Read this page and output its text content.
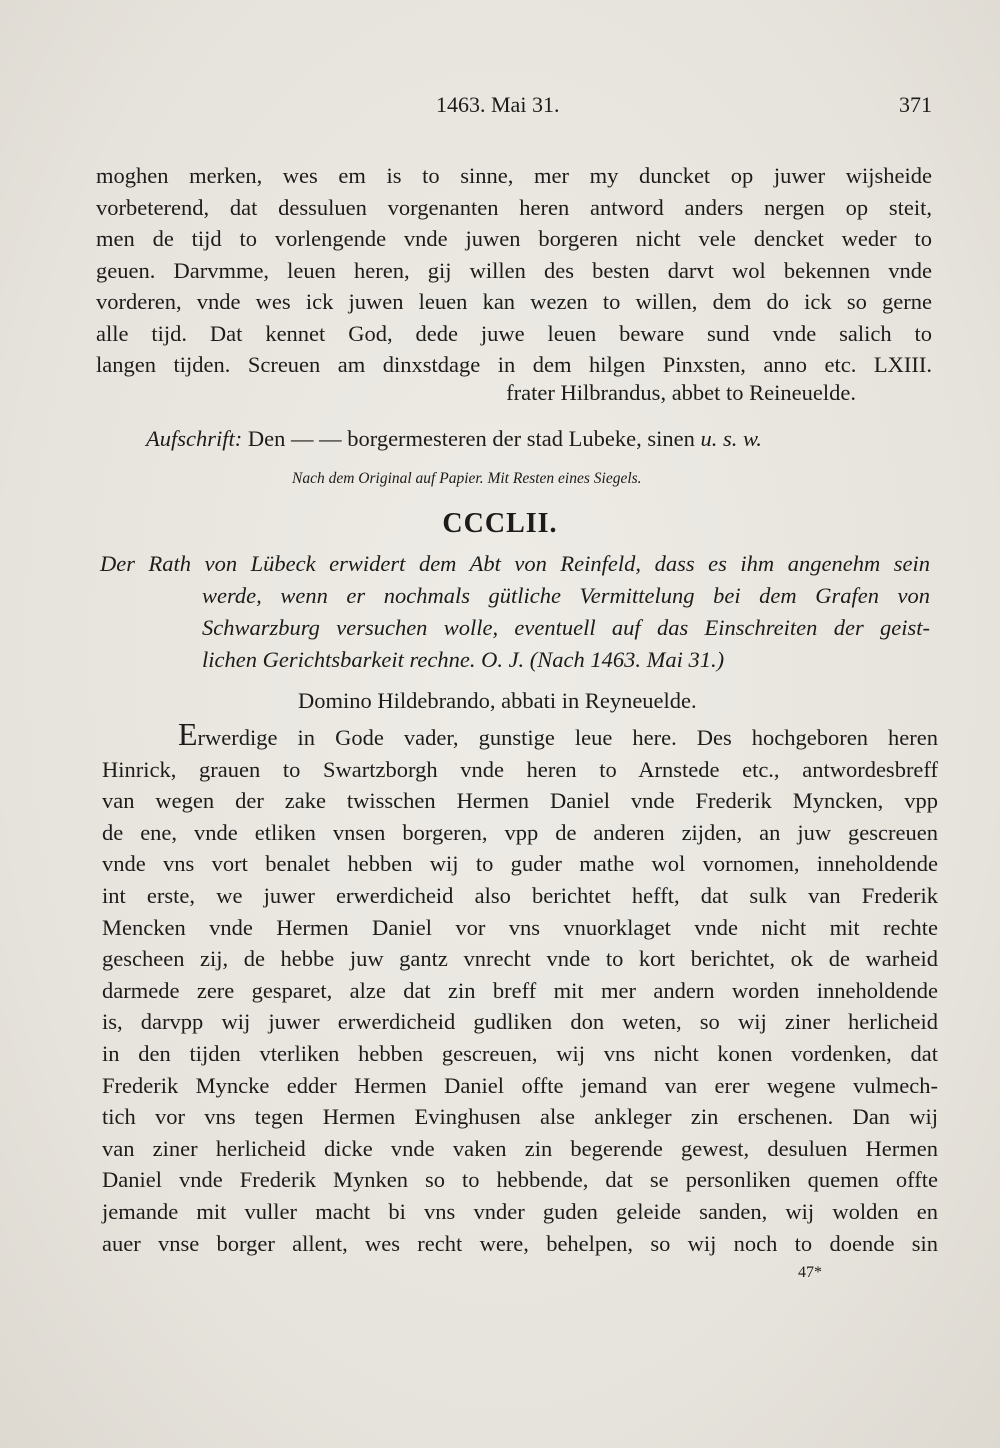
1463. Mai 31.	371
moghen merken, wes em is to sinne, mer my duncket op juwer wijsheide
vorbeterend, dat dessuluen vorgenanten heren antword anders nergen op steit,
men de tijd to vorlengende vnde juwen borgeren nicht vele dencket weder to
geuen. Darvmme, leuen heren, gij willen des besten darvt wol bekennen vnde
vorderen, vnde wes ick juwen leuen kan wezen to willen, dem do ick so gerne
alle tijd. Dat kennet God, dede juwe leuen beware sund vnde salich to
langen tijden. Screuen am dinxstdage in dem hilgen Pinxsten, anno etc. LXIII.
frater Hilbrandus, abbet to Reineuelde.
Aufschrift: Den — — borgermesteren der stad Lubeke, sinen u. s. w.
Nach dem Original auf Papier. Mit Resten eines Siegels.
CCCLII.
Der Rath von Lübeck erwidert dem Abt von Reinfeld, dass es ihm angenehm sein
werde, wenn er nochmals gütliche Vermittelung bei dem Grafen von
Schwarzburg versuchen wolle, eventuell auf das Einschreiten der geist-
lichen Gerichtsbarkeit rechne. O. J. (Nach 1463. Mai 31.)
Domino Hildebrando, abbati in Reyneuelde.
Erwerdige in Gode vader, gunstige leue here. Des hochgeboren heren
Hinrick, grauen to Swartzborgh vnde heren to Arnstede etc., antwordesbreff
van wegen der zake twisschen Hermen Daniel vnde Frederik Myncken, vpp
de ene, vnde etliken vnsen borgeren, vpp de anderen zijden, an juw gescreuen
vnde vns vort benalet hebben wij to guder mathe wol vornomen, inneholdende
int erste, we juwer erwerdicheid also berichtet hefft, dat sulk van Frederik
Mencken vnde Hermen Daniel vor vns vnuorklaget vnde nicht mit rechte
gescheen zij, de hebbe juw gantz vnrecht vnde to kort berichtet, ok de warheid
darmede zere gesparet, alze dat zin breff mit mer andern worden inneholdende
is, darvpp wij juwer erwerdicheid gudliken don weten, so wij ziner herlicheid
in den tijden vterliken hebben gescreuen, wij vns nicht konen vordenken, dat
Frederik Myncke edder Hermen Daniel offte jemand van erer wegene vulmech-
tich vor vns tegen Hermen Evinghusen alse ankleger zin erschenen. Dan wij
van ziner herlicheid dicke vnde vaken zin begerende gewest, desuluen Hermen
Daniel vnde Frederik Mynken so to hebbende, dat se personliken quemen offte
jemande mit vuller macht bi vns vnder guden geleide sanden, wij wolden en
auer vnse borger allent, wes recht were, behelpen, so wij noch to doende sin
47*
